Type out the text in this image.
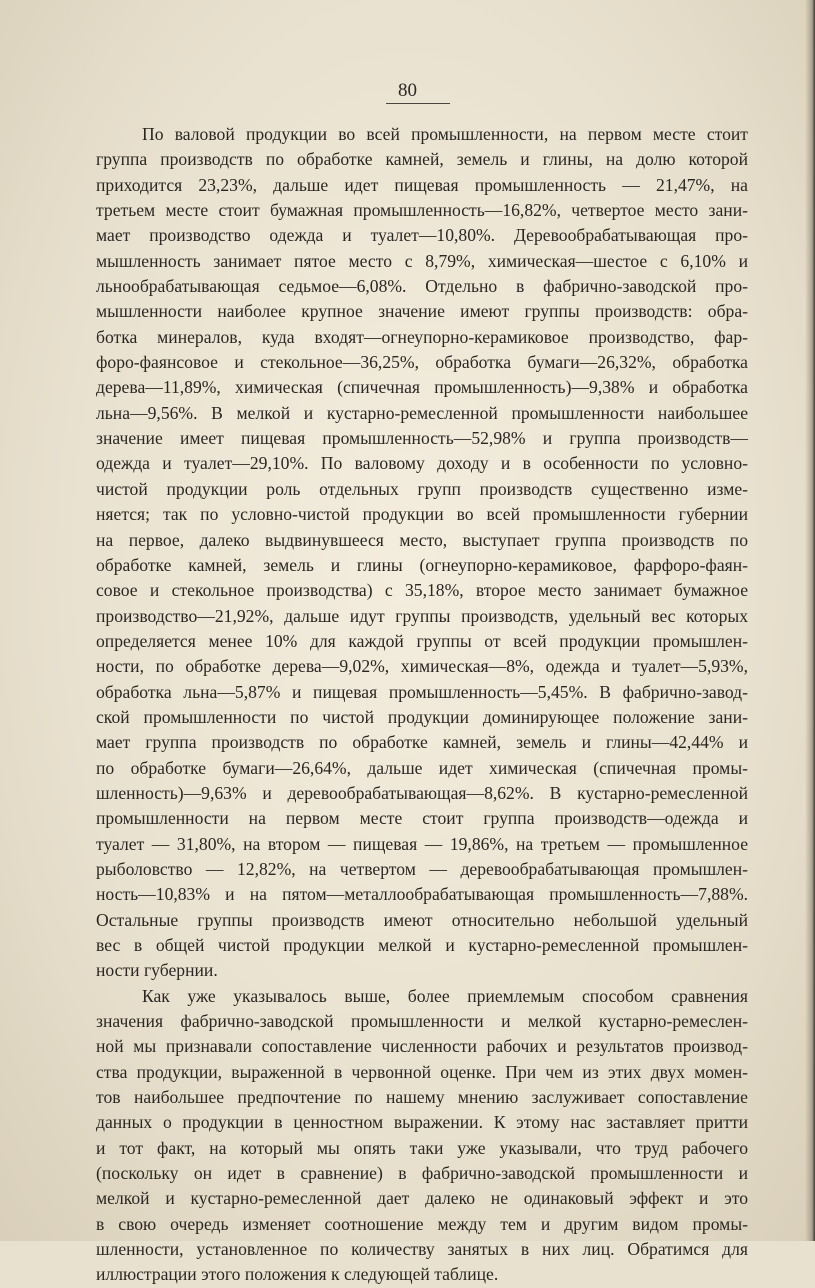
80
По валовой продукции во всей промышленности, на первом месте стоит
группа производств по обработке камней, земель и глины, на долю которой
приходится 23,23%, дальше идет пищевая промышленность — 21,47%, на
третьем месте стоит бумажная промышленность—16,82%, четвертое место зани-
мает производство одежда и туалет—10,80%. Деревообрабатывающая про-
мышленность занимает пятое место с 8,79%, химическая—шестое с 6,10% и
льнообрабатывающая седьмое—6,08%. Отдельно в фабрично-заводской про-
мышленности наиболее крупное значение имеют группы производств: обра-
ботка минералов, куда входят—огнеупорно-керамиковое производство, фар-
форо-фаянсовое и стекольное—36,25%, обработка бумаги—26,32%, обработка
дерева—11,89%, химическая (спичечная промышленность)—9,38% и обработка
льна—9,56%. В мелкой и кустарно-ремесленной промышленности наибольшее
значение имеет пищевая промышленность—52,98% и группа производств—
одежда и туалет—29,10%. По валовому доходу и в особенности по условно-
чистой продукции роль отдельных групп производств существенно изме-
няется; так по условно-чистой продукции во всей промышленности губернии
на первое, далеко выдвинувшееся место, выступает группа производств по
обработке камней, земель и глины (огнеупорно-керамиковое, фарфоро-фаян-
совое и стекольное производства) с 35,18%, второе место занимает бумажное
производство—21,92%, дальше идут группы производств, удельный вес которых
определяется менее 10% для каждой группы от всей продукции промышлен-
ности, по обработке дерева—9,02%, химическая—8%, одежда и туалет—5,93%,
обработка льна—5,87% и пищевая промышленность—5,45%. В фабрично-завод-
ской промышленности по чистой продукции доминирующее положение зани-
мает группа производств по обработке камней, земель и глины—42,44% и
по обработке бумаги—26,64%, дальше идет химическая (спичечная промы-
шленность)—9,63% и деревообрабатывающая—8,62%. В кустарно-ремесленной
промышленности на первом месте стоит группа производств—одежда и
туалет — 31,80%, на втором — пищевая — 19,86%, на третьем — промышленное
рыболовство — 12,82%, на четвертом — деревообрабатывающая промышлен-
ность—10,83% и на пятом—металлообрабатывающая промышленность—7,88%.
Остальные группы производств имеют относительно небольшой удельный
вес в общей чистой продукции мелкой и кустарно-ремесленной промышлен-
ности губернии.
Как уже указывалось выше, более приемлемым способом сравнения
значения фабрично-заводской промышленности и мелкой кустарно-ремеслен-
ной мы признавали сопоставление численности рабочих и результатов производ-
ства продукции, выраженной в червонной оценке. При чем из этих двух момен-
тов наибольшее предпочтение по нашему мнению заслуживает сопоставление
данных о продукции в ценностном выражении. К этому нас заставляет притти
и тот факт, на который мы опять таки уже указывали, что труд рабочего
(поскольку он идет в сравнение) в фабрично-заводской промышленности и
мелкой и кустарно-ремесленной дает далеко не одинаковый эффект и это
в свою очередь изменяет соотношение между тем и другим видом промы-
шленности, установленное по количеству занятых в них лиц. Обратимся для
иллюстрации этого положения к следующей таблице.
